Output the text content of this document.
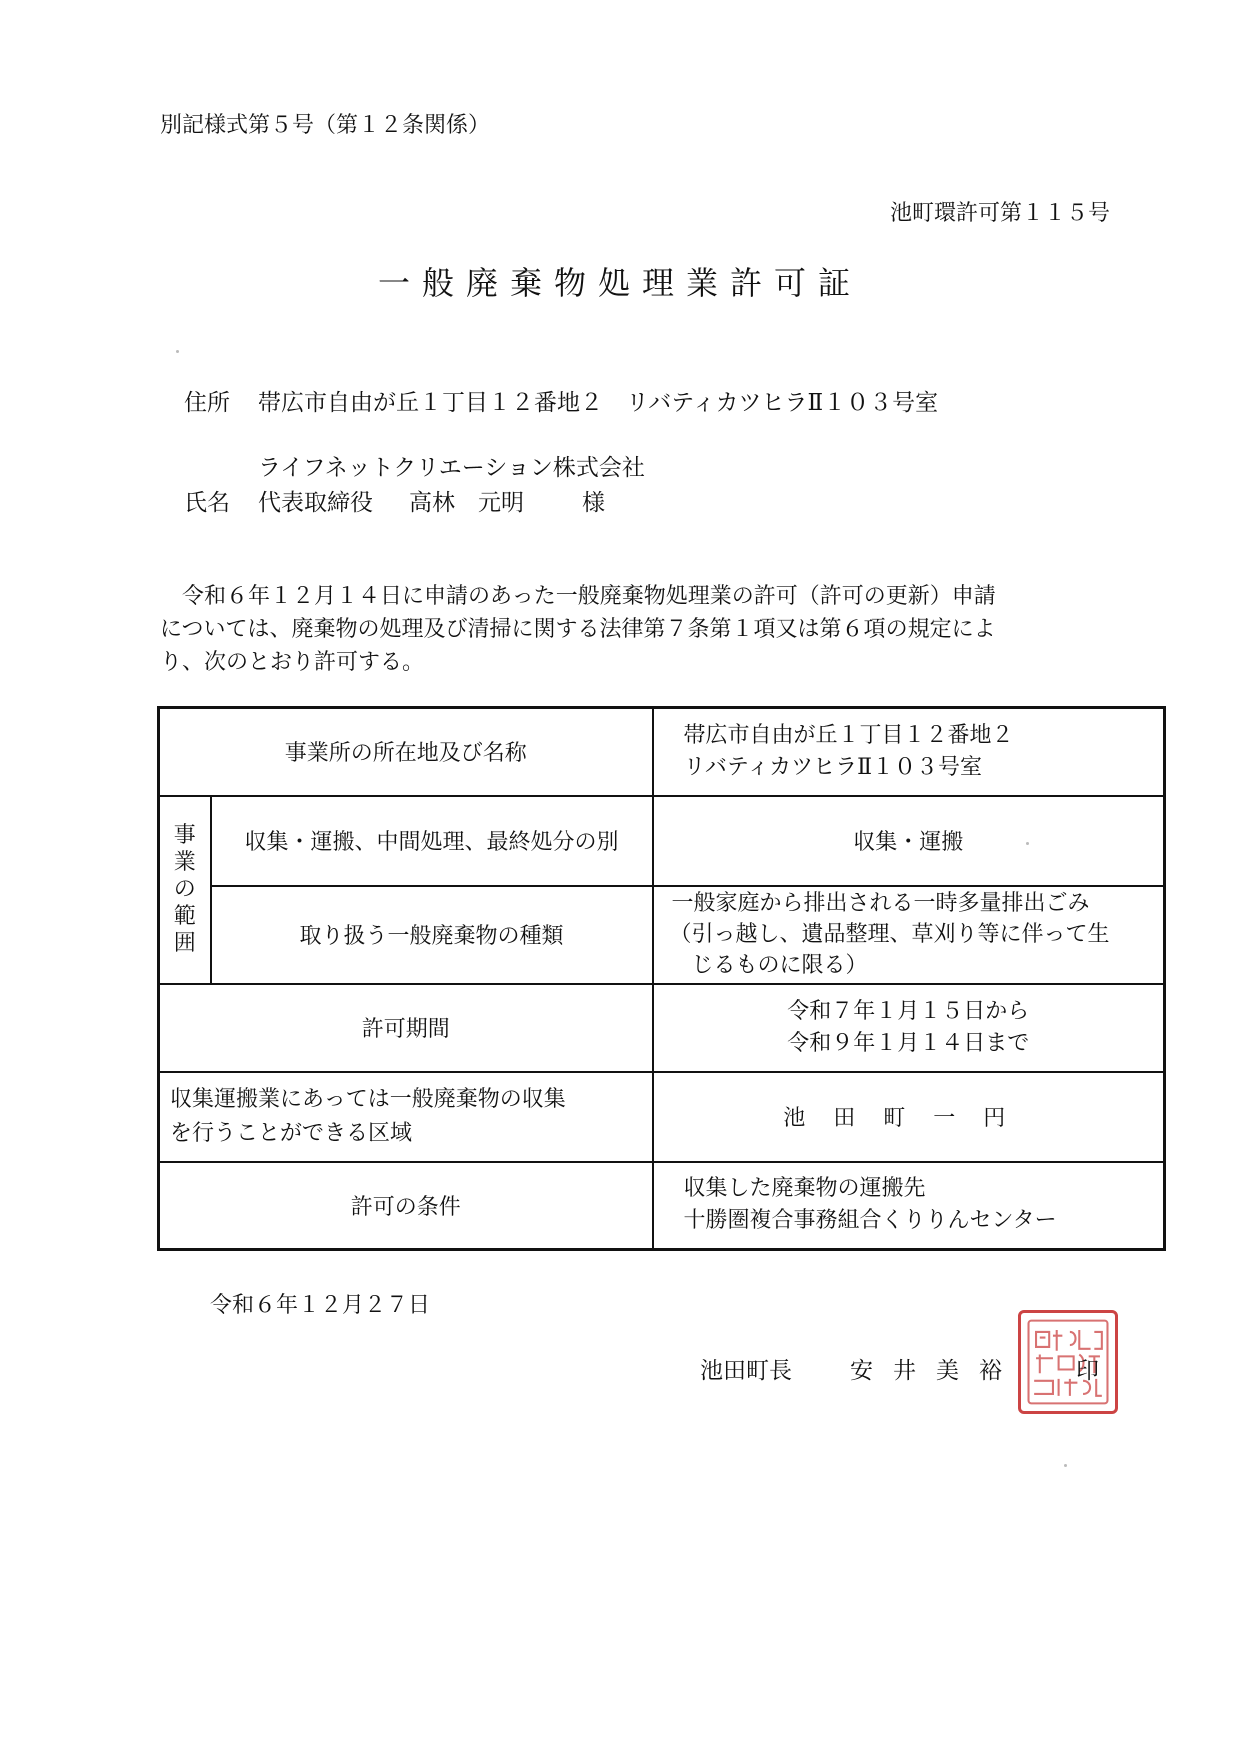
別記様式第５号（第１２条関係）
池町環許可第１１５号
一般廃棄物処理業許可証
住所 帯広市自由が丘１丁目１２番地２　リバティカツヒラⅡ１０３号室
ライフネットクリエーション株式会社
氏名 代表取締役 高林　元明	様

令和６年１２月１４日に申請のあった一般廃棄物処理業の許可（許可の更新）申請

については、廃棄物の処理及び清掃に関する法律第７条第１項又は第６項の規定によ

り、次のとおり許可する。

事業所の所在地及び名称		帯広市自由が丘１丁目１２番地２
リバティカツヒラⅡ１０３号室

事
業
の
範
囲	収集・運搬、中間処理、最終処分の別	収集・運搬
	取り扱う一般廃棄物の種類	一般家庭から排出される一時多量排出ごみ
（引っ越し、遺品整理、草刈り等に伴って生
じるものに限る）

許可期間		令和７年１月１５日から
令和９年１月１４日まで

収集運搬業にあっては一般廃棄物の収集
を行うことができる区域		池田町一円
許可の条件		収集した廃棄物の運搬先
十勝圏複合事務組合くりりんセンター
令和６年１２月２７日
池田町長	安井美裕 印
